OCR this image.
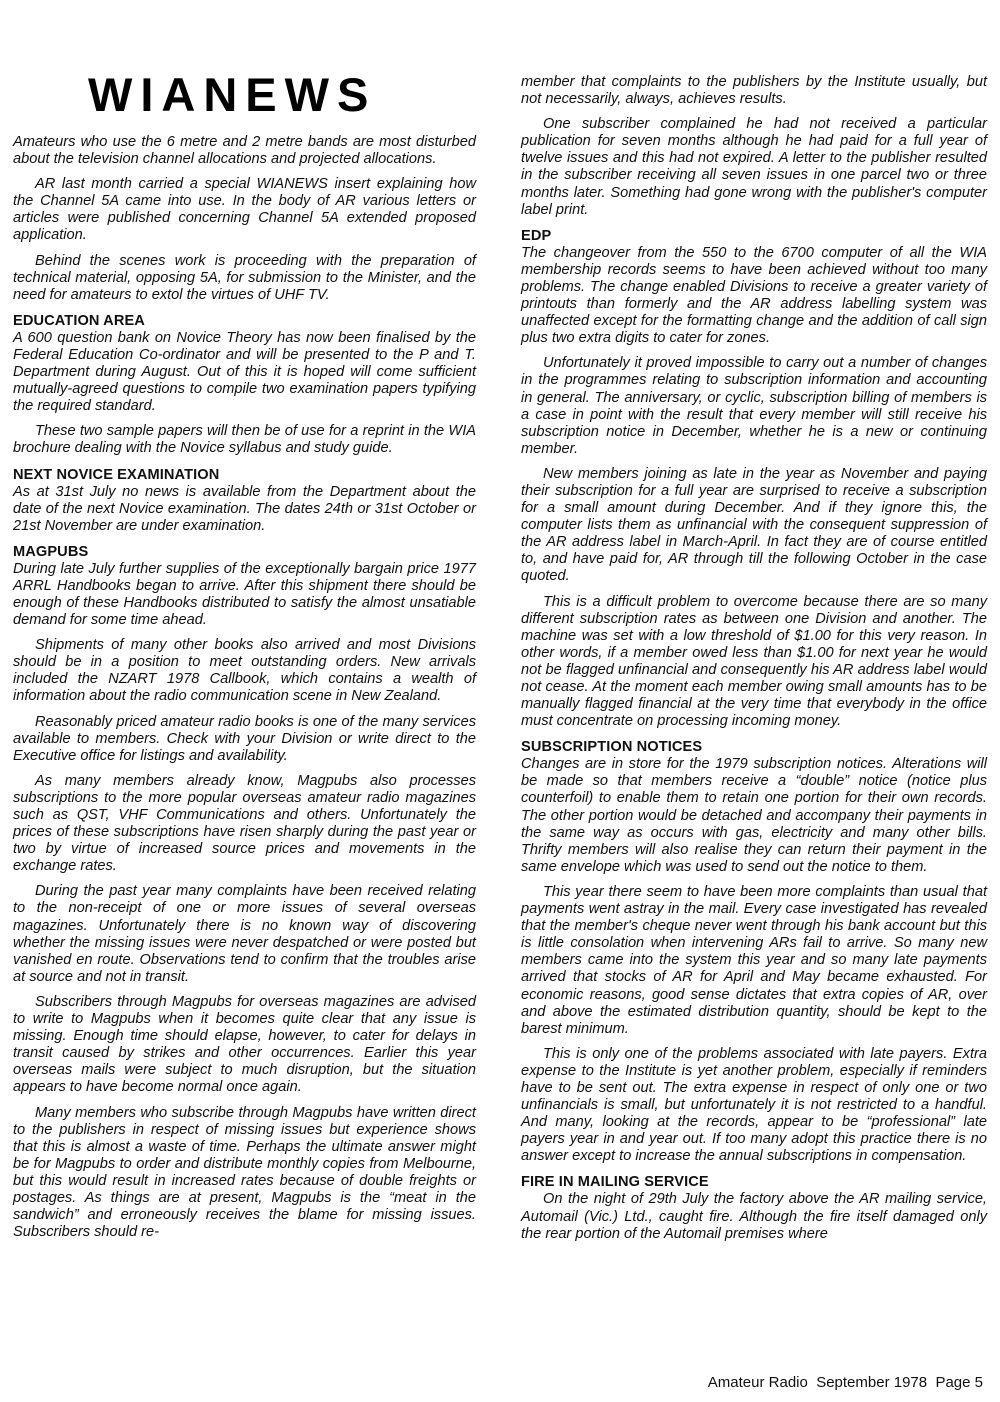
WIANEWS

Amateurs who use the 6 metre and 2 metre bands are most disturbed about the television channel allocations and projected allocations.

AR last month carried a special WIANEWS insert explaining how the Channel 5A came into use. In the body of AR various letters or articles were published concerning Channel 5A extended proposed application.

Behind the scenes work is proceeding with the preparation of technical material, opposing 5A, for submission to the Minister, and the need for amateurs to extol the virtues of UHF TV.

EDUCATION AREA

A 600 question bank on Novice Theory has now been finalised by the Federal Education Co-ordinator and will be presented to the P and T. Department during August. Out of this it is hoped will come sufficient mutually-agreed questions to compile two examination papers typifying the required standard.

These two sample papers will then be of use for a reprint in the WIA brochure dealing with the Novice syllabus and study guide.

NEXT NOVICE EXAMINATION

As at 31st July no news is available from the Department about the date of the next Novice examination. The dates 24th or 31st October or 21st November are under examination.

MAGPUBS

During late July further supplies of the exceptionally bargain price 1977 ARRL Handbooks began to arrive. After this shipment there should be enough of these Handbooks distributed to satisfy the almost unsatiable demand for some time ahead.

Shipments of many other books also arrived and most Divisions should be in a position to meet outstanding orders. New arrivals included the NZART 1978 Callbook, which contains a wealth of information about the radio communication scene in New Zealand.

Reasonably priced amateur radio books is one of the many services available to members. Check with your Division or write direct to the Executive office for listings and availability.

As many members already know, Magpubs also processes subscriptions to the more popular overseas amateur radio magazines such as QST, VHF Communications and others. Unfortunately the prices of these subscriptions have risen sharply during the past year or two by virtue of increased source prices and movements in the exchange rates.

During the past year many complaints have been received relating to the non-receipt of one or more issues of several overseas magazines. Unfortunately there is no known way of discovering whether the missing issues were never despatched or were posted but vanished en route. Observations tend to confirm that the troubles arise at source and not in transit.

Subscribers through Magpubs for overseas magazines are advised to write to Magpubs when it becomes quite clear that any issue is missing. Enough time should elapse, however, to cater for delays in transit caused by strikes and other occurrences. Earlier this year overseas mails were subject to much disruption, but the situation appears to have become normal once again.

Many members who subscribe through Magpubs have written direct to the publishers in respect of missing issues but experience shows that this is almost a waste of time. Perhaps the ultimate answer might be for Magpubs to order and distribute monthly copies from Melbourne, but this would result in increased rates because of double freights or postages. As things are at present, Magpubs is the “meat in the sandwich” and erroneously receives the blame for missing issues. Subscribers should re-

member that complaints to the publishers by the Institute usually, but not necessarily, always, achieves results.

One subscriber complained he had not received a particular publication for seven months although he had paid for a full year of twelve issues and this had not expired. A letter to the publisher resulted in the subscriber receiving all seven issues in one parcel two or three months later. Something had gone wrong with the publisher's computer label print.

EDP

The changeover from the 550 to the 6700 computer of all the WIA membership records seems to have been achieved without too many problems. The change enabled Divisions to receive a greater variety of printouts than formerly and the AR address labelling system was unaffected except for the formatting change and the addition of call sign plus two extra digits to cater for zones.

Unfortunately it proved impossible to carry out a number of changes in the programmes relating to subscription information and accounting in general. The anniversary, or cyclic, subscription billing of members is a case in point with the result that every member will still receive his subscription notice in December, whether he is a new or continuing member.

New members joining as late in the year as November and paying their subscription for a full year are surprised to receive a subscription for a small amount during December. And if they ignore this, the computer lists them as unfinancial with the consequent suppression of the AR address label in March-April. In fact they are of course entitled to, and have paid for, AR through till the following October in the case quoted.

This is a difficult problem to overcome because there are so many different subscription rates as between one Division and another. The machine was set with a low threshold of $1.00 for this very reason. In other words, if a member owed less than $1.00 for next year he would not be flagged unfinancial and consequently his AR address label would not cease. At the moment each member owing small amounts has to be manually flagged financial at the very time that everybody in the office must concentrate on processing incoming money.

SUBSCRIPTION NOTICES

Changes are in store for the 1979 subscription notices. Alterations will be made so that members receive a “double” notice (notice plus counterfoil) to enable them to retain one portion for their own records. The other portion would be detached and accompany their payments in the same way as occurs with gas, electricity and many other bills. Thrifty members will also realise they can return their payment in the same envelope which was used to send out the notice to them.

This year there seem to have been more complaints than usual that payments went astray in the mail. Every case investigated has revealed that the member's cheque never went through his bank account but this is little consolation when intervening ARs fail to arrive. So many new members came into the system this year and so many late payments arrived that stocks of AR for April and May became exhausted. For economic reasons, good sense dictates that extra copies of AR, over and above the estimated distribution quantity, should be kept to the barest minimum.

This is only one of the problems associated with late payers. Extra expense to the Institute is yet another problem, especially if reminders have to be sent out. The extra expense in respect of only one or two unfinancials is small, but unfortunately it is not restricted to a handful. And many, looking at the records, appear to be “professional” late payers year in and year out. If too many adopt this practice there is no answer except to increase the annual subscriptions in compensation.

FIRE IN MAILING SERVICE

On the night of 29th July the factory above the AR mailing service, Automail (Vic.) Ltd., caught fire. Although the fire itself damaged only the rear portion of the Automail premises where

Amateur Radio September 1978 Page 5
